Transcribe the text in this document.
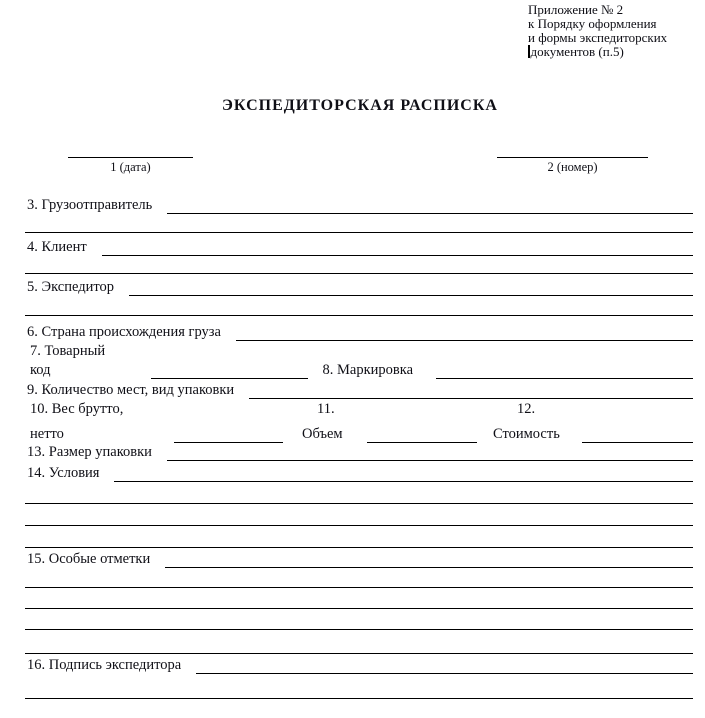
Приложение № 2
к Порядку оформления
и формы экспедиторских
документов (п.5)
ЭКСПЕДИТОРСКАЯ РАСПИСКА
1 (дата)	2 (номер)
3. Грузоотправитель
4. Клиент
5. Экспедитор
6. Страна происхождения груза
7. Товарный
код	8. Маркировка
9. Количество мест, вид упаковки
10. Вес брутто,
нетто
11.
Объем
12.
Стоимость
13. Размер упаковки
14. Условия
15. Особые отметки
16. Подпись экспедитора
